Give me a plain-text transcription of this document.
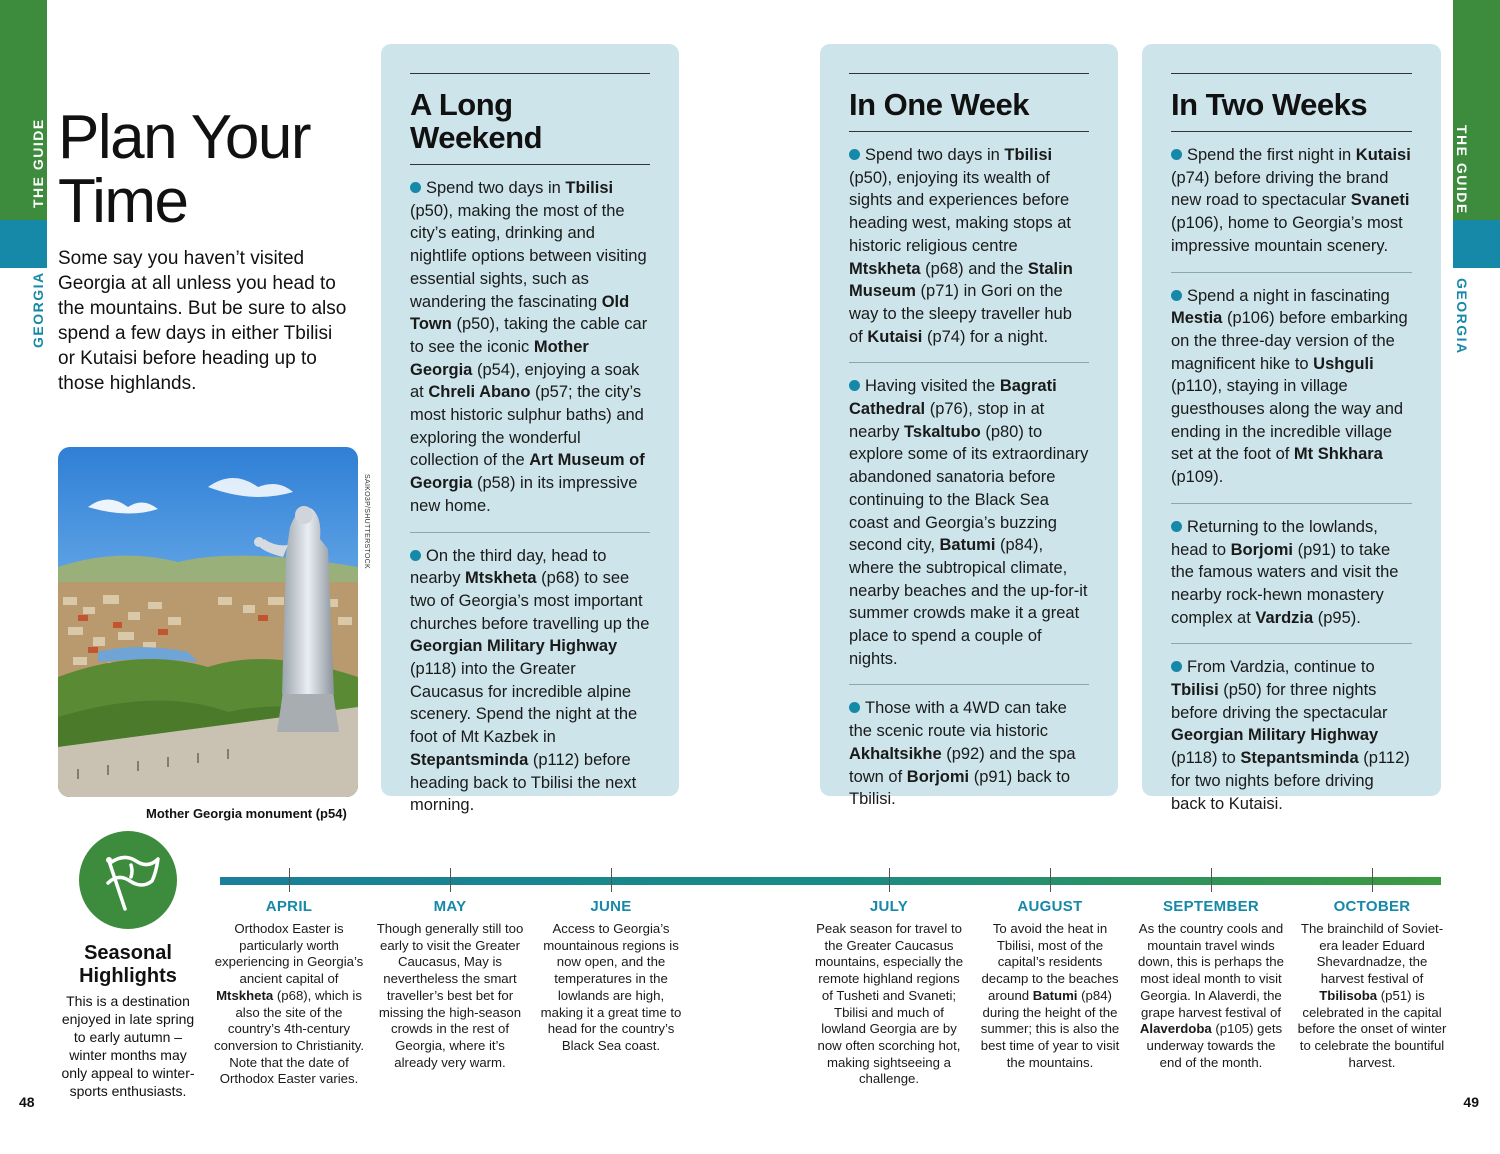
THE GUIDE
GEORGIA
THE GUIDE
GEORGIA
Plan Your
Time

Some say you haven’t visited Georgia at all unless you head to the mountains. But be sure to also spend a few days in either Tbilisi or Kutaisi before heading up to those highlands.

SAIKO3P/SHUTTERSTOCK
Mother Georgia monument (p54)
A Long Weekend

Spend two days in Tbilisi (p50), making the most of the city’s eating, drinking and nightlife options between visiting essential sights, such as wandering the fascinating Old Town (p50), taking the cable car to see the iconic Mother Georgia (p54), enjoying a soak at Chreli Abano (p57; the city’s most historic sulphur baths) and exploring the wonderful collection of the Art Museum of Georgia (p58) in its impressive new home.

On the third day, head to nearby Mtskheta (p68) to see two of Georgia’s most important churches before travelling up the Georgian Military Highway (p118) into the Greater Caucasus for incredible alpine scenery. Spend the night at the foot of Mt Kazbek in Stepantsminda (p112) before heading back to Tbilisi the next morning.

In One Week

Spend two days in Tbilisi (p50), enjoying its wealth of sights and experiences before heading west, making stops at historic religious centre Mtskheta (p68) and the Stalin Museum (p71) in Gori on the way to the sleepy traveller hub of Kutaisi (p74) for a night.

Having visited the Bagrati Cathedral (p76), stop in at nearby Tskaltubo (p80) to explore some of its extraordinary abandoned sanatoria before continuing to the Black Sea coast and Georgia’s buzzing second city, Batumi (p84), where the subtropical climate, nearby beaches and the up-for-it summer crowds make it a great place to spend a couple of nights.

Those with a 4WD can take the scenic route via historic Akhaltsikhe (p92) and the spa town of Borjomi (p91) back to Tbilisi.

In Two Weeks

Spend the first night in Kutaisi (p74) before driving the brand new road to spectacular Svaneti (p106), home to Georgia’s most impressive mountain scenery.

Spend a night in fascinating Mestia (p106) before embarking on the three-day version of the magnificent hike to Ushguli (p110), staying in village guesthouses along the way and ending in the incredible village set at the foot of Mt Shkhara (p109).

Returning to the lowlands, head to Borjomi (p91) to take the famous waters and visit the nearby rock-hewn monastery complex at Vardzia (p95).

From Vardzia, continue to Tbilisi (p50) for three nights before driving the spectacular Georgian Military Highway (p118) to Stepantsminda (p112) for two nights before driving back to Kutaisi.

Seasonal Highlights
This is a destination enjoyed in late spring to early autumn – winter months may only appeal to winter-sports enthusiasts.
APRIL

Orthodox Easter is particularly worth experiencing in Georgia’s ancient capital of Mtskheta (p68), which is also the site of the country’s 4th-century conversion to Christianity. Note that the date of Orthodox Easter varies.

MAY

Though generally still too early to visit the Greater Caucasus, May is nevertheless the smart traveller’s best bet for missing the high-season crowds in the rest of Georgia, where it’s already very warm.

JUNE

Access to Georgia’s mountainous regions is now open, and the temperatures in the lowlands are high, making it a great time to head for the country’s Black Sea coast.

JULY

Peak season for travel to the Greater Caucasus mountains, especially the remote highland regions of Tusheti and Svaneti; Tbilisi and much of lowland Georgia are by now often scorching hot, making sightseeing a challenge.

AUGUST

To avoid the heat in Tbilisi, most of the capital’s residents decamp to the beaches around Batumi (p84) during the height of the summer; this is also the best time of year to visit the mountains.

SEPTEMBER

As the country cools and mountain travel winds down, this is perhaps the most ideal month to visit Georgia. In Alaverdi, the grape harvest festival of Alaverdoba (p105) gets underway towards the end of the month.

OCTOBER

The brainchild of Soviet-era leader Eduard Shevardnadze, the harvest festival of Tbilisoba (p51) is celebrated in the capital before the onset of winter to celebrate the bountiful harvest.

48	49
